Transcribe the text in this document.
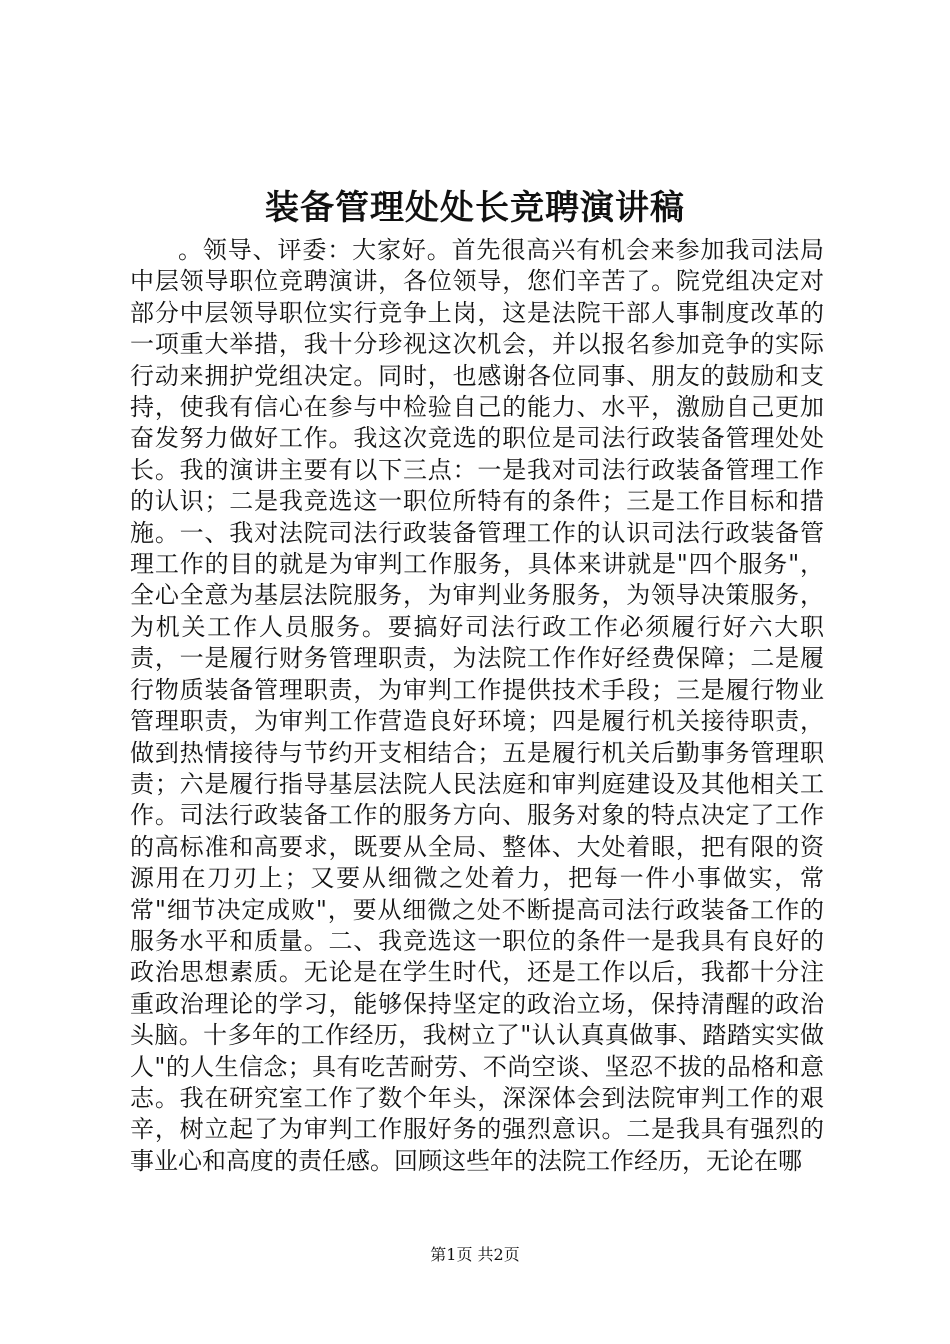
装备管理处处长竞聘演讲稿

。领导、评委：大家好。首先很高兴有机会来参加我司法局中层领导职位竞聘演讲，各位领导，您们辛苦了。院党组决定对部分中层领导职位实行竞争上岗，这是法院干部人事制度改革的一项重大举措，我十分珍视这次机会，并以报名参加竞争的实际行动来拥护党组决定。同时，也感谢各位同事、朋友的鼓励和支持，使我有信心在参与中检验自己的能力、水平，激励自己更加奋发努力做好工作。我这次竞选的职位是司法行政装备管理处处长。我的演讲主要有以下三点：一是我对司法行政装备管理工作的认识；二是我竞选这一职位所特有的条件；三是工作目标和措施。一、我对法院司法行政装备管理工作的认识司法行政装备管理工作的目的就是为审判工作服务，具体来讲就是"四个服务"，全心全意为基层法院服务，为审判业务服务，为领导决策服务，为机关工作人员服务。要搞好司法行政工作必须履行好六大职责，一是履行财务管理职责，为法院工作作好经费保障；二是履行物质装备管理职责，为审判工作提供技术手段；三是履行物业管理职责，为审判工作营造良好环境；四是履行机关接待职责，做到热情接待与节约开支相结合；五是履行机关后勤事务管理职责；六是履行指导基层法院人民法庭和审判庭建设及其他相关工作。司法行政装备工作的服务方向、服务对象的特点决定了工作的高标准和高要求，既要从全局、整体、大处着眼，把有限的资源用在刀刃上；又要从细微之处着力，把每一件小事做实，常常"细节决定成败"，要从细微之处不断提高司法行政装备工作的服务水平和质量。二、我竞选这一职位的条件一是我具有良好的政治思想素质。无论是在学生时代，还是工作以后，我都十分注重政治理论的学习，能够保持坚定的政治立场，保持清醒的政治头脑。十多年的工作经历，我树立了"认认真真做事、踏踏实实做人"的人生信念；具有吃苦耐劳、不尚空谈、坚忍不拔的品格和意志。我在研究室工作了数个年头，深深体会到法院审判工作的艰辛，树立起了为审判工作服好务的强烈意识。二是我具有强烈的事业心和高度的责任感。回顾这些年的法院工作经历，无论在哪

第1页 共2页
